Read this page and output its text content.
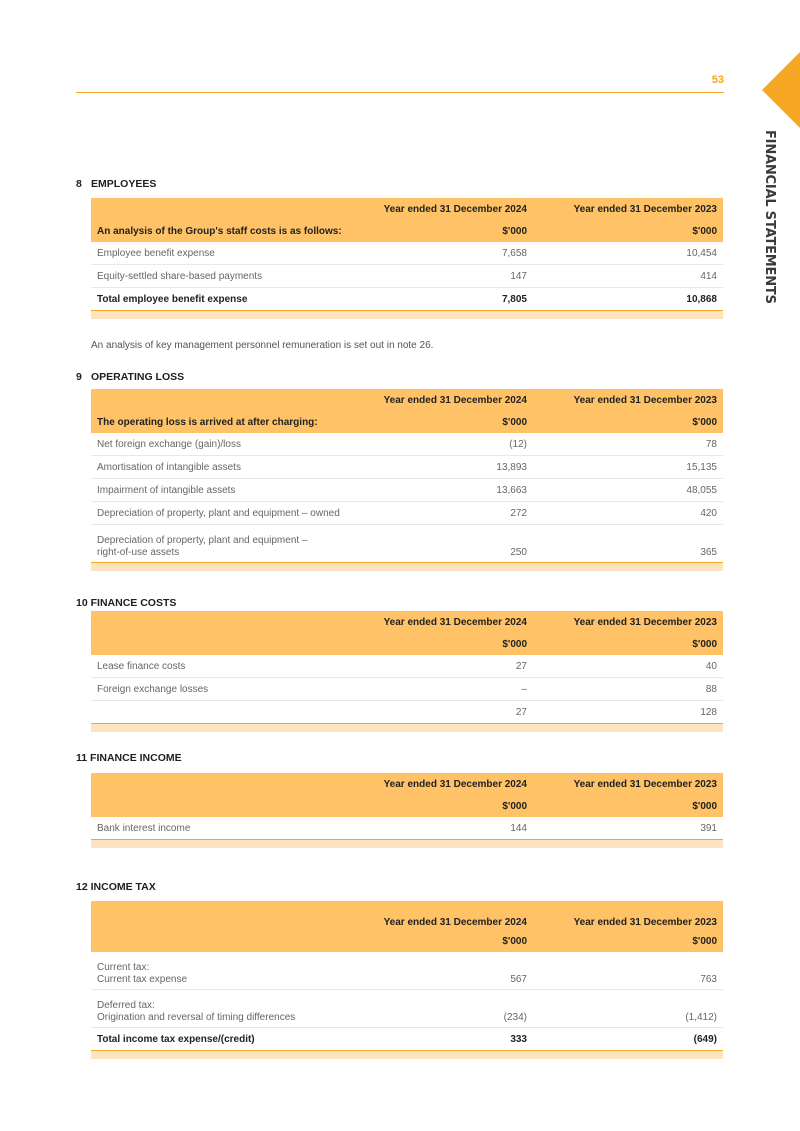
53
FINANCIAL STATEMENTS
8 EMPLOYEES
	Year ended 31 December 2024	Year ended 31 December 2023
An analysis of the Group's staff costs is as follows:	$'000	$'000
Employee benefit expense	7,658	10,454
Equity-settled share-based payments	147	414
Total employee benefit expense	7,805	10,868

An analysis of key management personnel remuneration is set out in note 26.
9 OPERATING LOSS
	Year ended 31 December 2024	Year ended 31 December 2023
The operating loss is arrived at after charging:	$'000	$'000
Net foreign exchange (gain)/loss	(12)	78
Amortisation of intangible assets	13,893	15,135
Impairment of intangible assets	13,663	48,055
Depreciation of property, plant and equipment – owned	272	420
Depreciation of property, plant and equipment –
right-of-use assets	250	365

10 FINANCE COSTS
	Year ended 31 December 2024	Year ended 31 December 2023
	$'000	$'000
Lease finance costs	27	40
Foreign exchange losses	–	88
	27	128

11 FINANCE INCOME
	Year ended 31 December 2024	Year ended 31 December 2023
	$'000	$'000
Bank interest income	144	391

12 INCOME TAX
	Year ended 31 December 2024	Year ended 31 December 2023
	$'000	$'000
Current tax:
Current tax expense	567	763
Deferred tax:
Origination and reversal of timing differences	(234)	(1,412)
Total income tax expense/(credit)	333	(649)
